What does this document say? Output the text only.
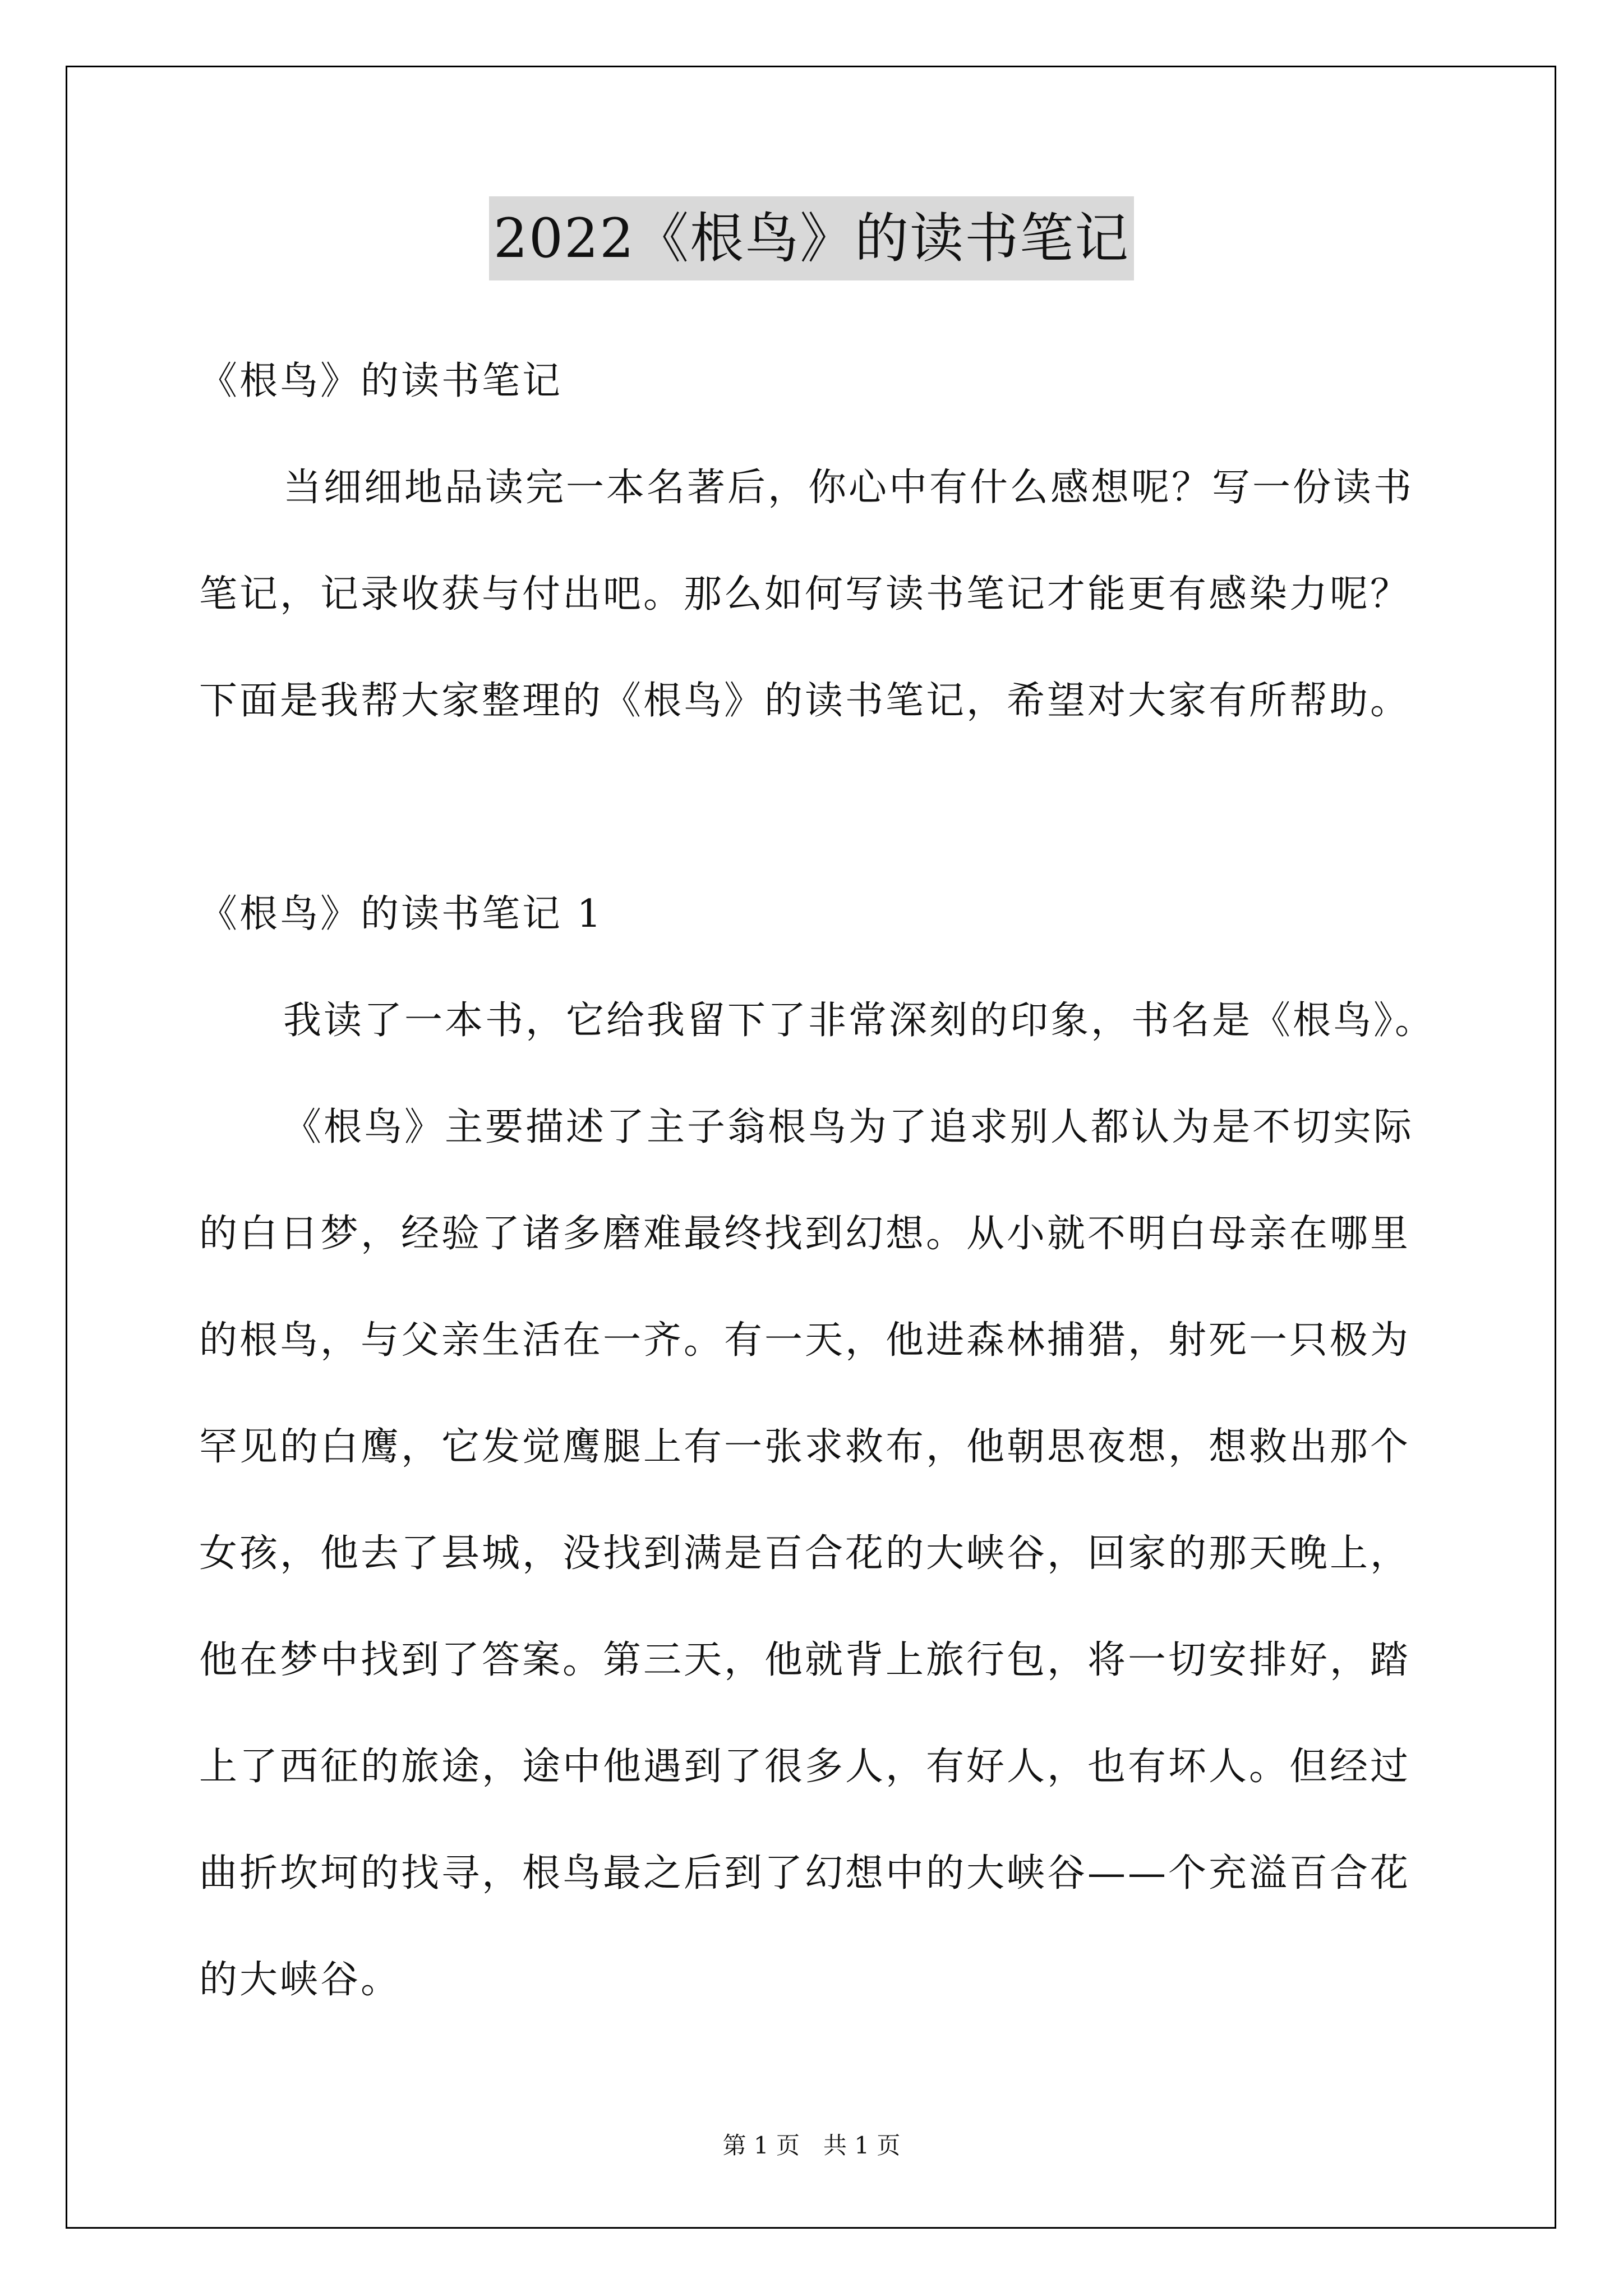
2022《根鸟》的读书笔记
《根鸟》的读书笔记
当细细地品读完一本名著后，你心中有什么感想呢？写一份读书
笔记，记录收获与付出吧。那么如何写读书笔记才能更有感染力呢？
下面是我帮大家整理的《根鸟》的读书笔记，希望对大家有所帮助。
《根鸟》的读书笔记 1
我读了一本书，它给我留下了非常深刻的印象，书名是《根鸟》。
《根鸟》主要描述了主子翁根鸟为了追求别人都认为是不切实际
的白日梦，经验了诸多磨难最终找到幻想。从小就不明白母亲在哪里
的根鸟，与父亲生活在一齐。有一天，他进森林捕猎，射死一只极为
罕见的白鹰，它发觉鹰腿上有一张求救布，他朝思夜想，想救出那个
女孩，他去了县城，没找到满是百合花的大峡谷，回家的那天晚上，
他在梦中找到了答案。第三天，他就背上旅行包，将一切安排好，踏
上了西征的旅途，途中他遇到了很多人，有好人，也有坏人。但经过
曲折坎坷的找寻，根鸟最之后到了幻想中的大峡谷——个充溢百合花
的大峡谷。
第 1 页　共 1 页
